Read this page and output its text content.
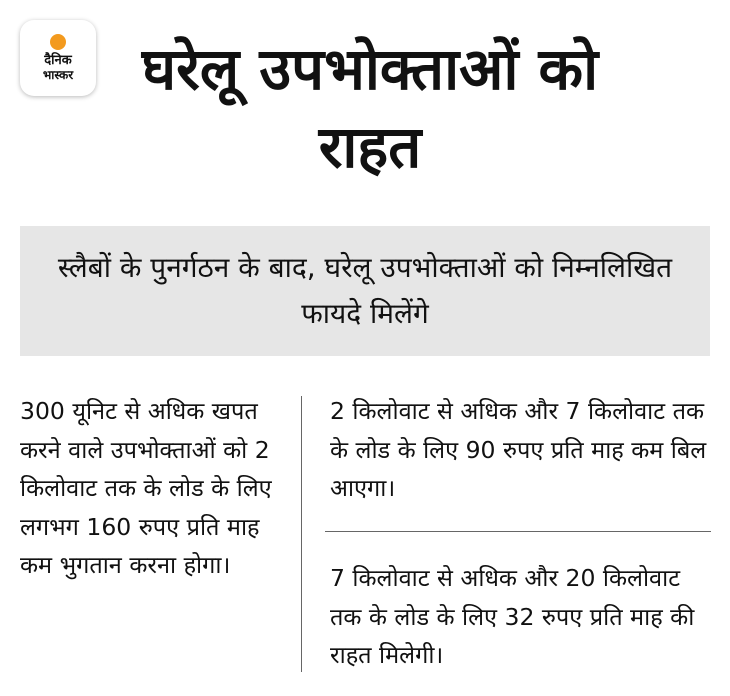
दैनिक
भास्कर	घरेलू उपभोक्ताओं को राहत
स्लैबों के पुनर्गठन के बाद, घरेलू उपभोक्ताओं को निम्नलिखित फायदे मिलेंगे
300 यूनिट से अधिक खपत करने वाले उपभोक्ताओं को 2 किलोवाट तक के लोड के लिए लगभग 160 रुपए प्रति माह कम भुगतान करना होगा।
2 किलोवाट से अधिक और 7 किलोवाट तक के लोड के लिए 90 रुपए प्रति माह कम बिल आएगा।
7 किलोवाट से अधिक और 20 किलोवाट तक के लोड के लिए 32 रुपए प्रति माह की राहत मिलेगी।
